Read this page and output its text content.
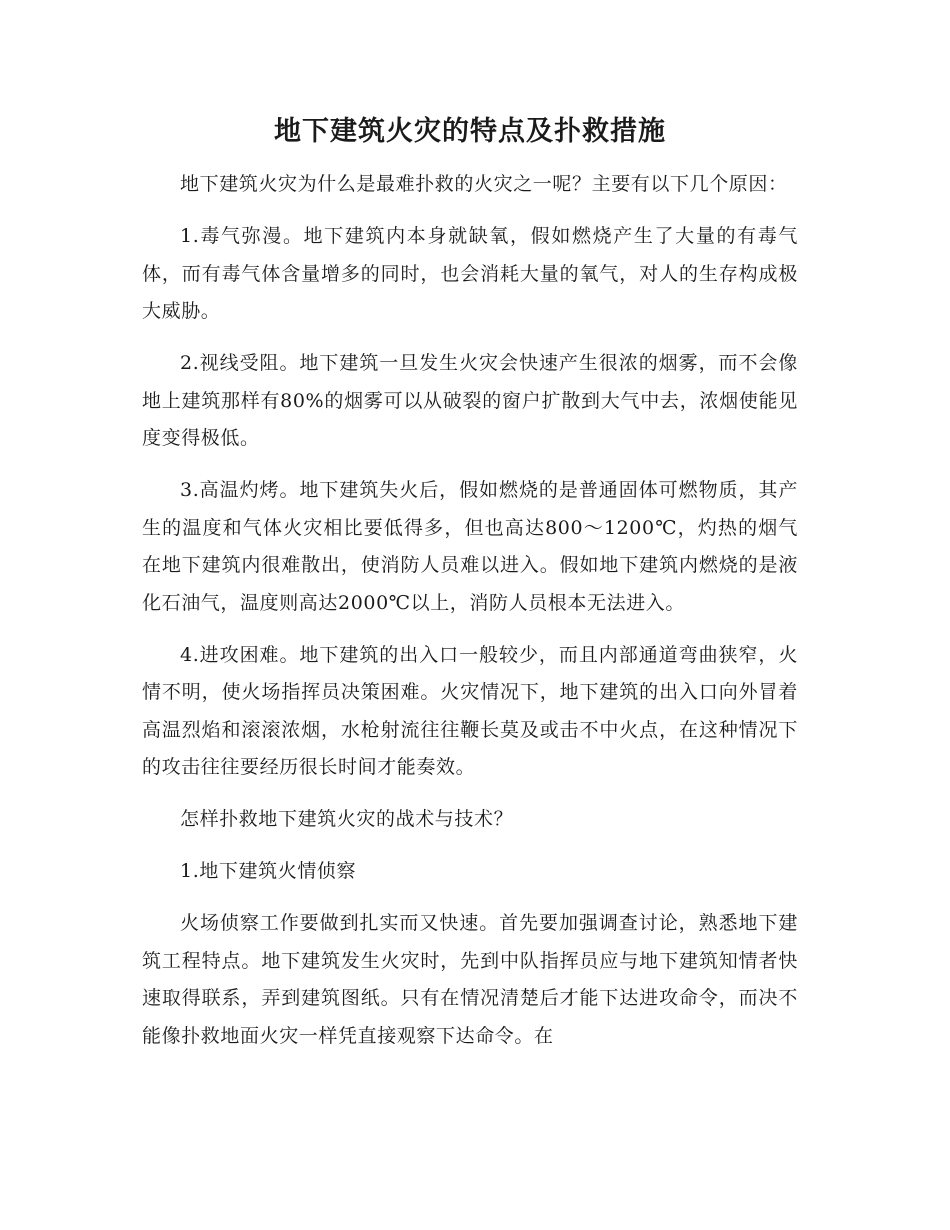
地下建筑火灾的特点及扑救措施

地下建筑火灾为什么是最难扑救的火灾之一呢？主要有以下几个原因：

1.毒气弥漫。地下建筑内本身就缺氧，假如燃烧产生了大量的有毒气体，而有毒气体含量增多的同时，也会消耗大量的氧气，对人的生存构成极大威胁。

2.视线受阻。地下建筑一旦发生火灾会快速产生很浓的烟雾，而不会像地上建筑那样有80%的烟雾可以从破裂的窗户扩散到大气中去，浓烟使能见度变得极低。

3.高温灼烤。地下建筑失火后，假如燃烧的是普通固体可燃物质，其产生的温度和气体火灾相比要低得多，但也高达800～1200℃，灼热的烟气在地下建筑内很难散出，使消防人员难以进入。假如地下建筑内燃烧的是液化石油气，温度则高达2000℃以上，消防人员根本无法进入。

4.进攻困难。地下建筑的出入口一般较少，而且内部通道弯曲狭窄，火情不明，使火场指挥员决策困难。火灾情况下，地下建筑的出入口向外冒着高温烈焰和滚滚浓烟，水枪射流往往鞭长莫及或击不中火点，在这种情况下的攻击往往要经历很长时间才能奏效。

怎样扑救地下建筑火灾的战术与技术？

1.地下建筑火情侦察

火场侦察工作要做到扎实而又快速。首先要加强调查讨论，熟悉地下建筑工程特点。地下建筑发生火灾时，先到中队指挥员应与地下建筑知情者快速取得联系，弄到建筑图纸。只有在情况清楚后才能下达进攻命令，而决不能像扑救地面火灾一样凭直接观察下达命令。在
